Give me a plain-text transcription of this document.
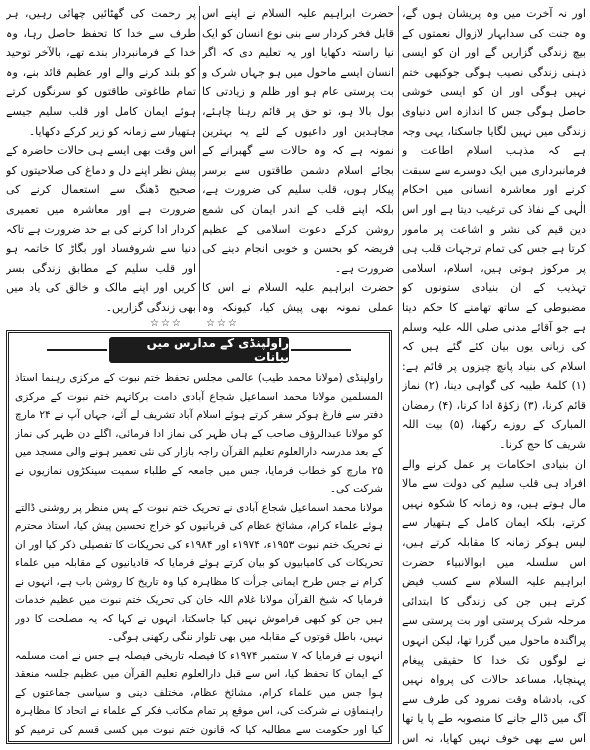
اور نہ آخرت میں وہ پریشان ہوں گے، وہ جنت کی سدابہار لازوال نعمتوں کے بیچ زندگی گزاریں گے اور ان کو ایسی ذہنی زندگی نصیب ہوگی جوکبھی ختم نہیں ہوگی اور ان کو ایسی خوشی حاصل ہوگی جس کا اندازہ اس دنیاوی زندگی میں نہیں لگایا جاسکتا، یہی وجہ ہے کہ مذہب اسلام اطاعت و فرمانبرداری میں ایک دوسرے سے سبقت کرنے اور معاشرہ انسانی میں احکام الٰہی کے نفاذ کی ترغیب دیتا ہے اور اس دین قیم کی نشر و اشاعت پر مامور کرتا ہے جس کی تمام ترجہات قلب ہی پر مرکوز ہوتی ہیں، اسلام، اسلامی تہذیب کے ان بنیادی ستونوں کو مضبوطی کے ساتھ تھامنے کا حکم دیتا ہے جو آقائے مدنی صلی اللہ علیہ وسلم کی زبانی یوں بیان کئے گئے ہیں کہ اسلام کی بنیاد پانچ چیزوں پر قائم ہے: (۱) کلمۂ طیبہ کی گواہی دینا، (۲) نماز قائم کرنا، (۳) زکوٰۃ ادا کرنا، (۴) رمضان المبارک کے روزے رکھنا، (۵) بیت اللہ شریف کا حج کرنا۔

ان بنیادی احکامات پر عمل کرنے والے افراد ہی قلب سلیم کی دولت سے مالا مال ہوتے ہیں، وہ زمانہ کا شکوہ نہیں کرتے، بلکہ ایمان کامل کے ہتھیار سے لیس ہوکر زمانہ کا مقابلہ کرتے ہیں، اس سلسلہ میں ابوالانبیاء حضرت ابراہیم علیہ السلام سے کسب فیض کرتے ہیں جن کی زندگی کا ابتدائی مرحلہ شرک پرستی اور بت پرستی سے پراگندہ ماحول میں گزرا تھا، لیکن انہوں نے لوگوں تک خدا کا حقیقی پیغام پہنچایا، مساعد حالات کی پرواہ نہیں کی، بادشاہ وقت نمرود کی طرف سے آگ میں ڈالے جانے کا منصوبہ طے پا یا تھا اس سے بھی خوف نہیں کھایا، نہ اس

حضرت ابراہیم علیہ السلام نے اپنے اس قابل فخر کردار سے بنی نوع انسان کو ایک نیا راستہ دکھایا اور یہ تعلیم دی کہ اگر انسان ایسے ماحول میں ہو جہاں شرک و بت پرستی عام ہو اور ظلم و زیادتی کا بول بالا ہو، تو حق پر قائم رہنا چاہئے، مجاہدین اور داعیوں کے لئے یہ بہترین نمونہ ہے کہ وہ حالات سے گھبرانے کے بجائے اسلام دشمن طاقتوں سے برسر پیکار ہوں، قلب سلیم کی ضرورت ہے، بلکہ اپنے قلب کے اندر ایمان کی شمع روشن کرکے دعوت اسلامی کے عظیم فریضہ کو بحسن و خوبی انجام دینے کی ضرورت ہے۔

حضرت ابراہیم علیہ السلام نے اس کا عملی نمونہ بھی پیش کیا، کیونکہ وہ

پر رحمت کی گھٹائیں چھائی رہیں، ہر طرف سے خدا کا تحفظ حاصل رہا، وہ خدا کے فرمانبردار بندے تھے، بالآخر توحید کو بلند کرنے والے اور عظیم قائد بنے، وہ تمام طاغوتی طاقتوں کو سرنگوں کرتے ہوئے ایمان کامل اور قلب سلیم جیسے ہتھیار سے زمانہ کو زیر کرکے دکھایا۔

اس وقت بھی ایسے ہی حالات حاضرہ کے پیش نظر اپنے دل و دماغ کی صلاحیتوں کو صحیح ڈھنگ سے استعمال کرنے کی ضرورت ہے اور معاشرہ میں تعمیری کردار ادا کرنے کی بے حد ضرورت ہے تاکہ دنیا سے شروفساد اور بگاڑ کا خاتمہ ہو اور قلب سلیم کے مطابق زندگی بسر کریں اور اپنے مالک و خالق کی یاد میں بھی زندگی گزاریں۔

☆☆☆
☆☆☆
راولپنڈی کے مدارس میں بیانات

راولپنڈی (مولانا محمد طیب) عالمی مجلس تحفظ ختم نبوت کے مرکزی رہنما استاذ المسلمین مولانا محمد اسماعیل شجاع آبادی دامت برکاتہم ختم نبوت کے مرکزی دفتر سے فارغ ہوکر سفر کرتے ہوئے اسلام آباد تشریف لے آئے، جہاں آپ نے ۲۴ مارچ کو مولانا عبدالرؤف صاحب کے ہاں ظہر کی نماز ادا فرمائی، اگلے دن ظہر کی نماز کے بعد مدرسہ دارالعلوم تعلیم القرآن راجہ بازار کی نئی تعمیر ہونے والی مسجد میں ۲۵ مارچ کو خطاب فرمایا، جس میں جامعہ کے طلباء سمیت سینکڑوں نمازیوں نے شرکت کی۔

مولانا محمد اسماعیل شجاع آبادی نے تحریک ختم نبوت کے پس منظر پر روشنی ڈالتے ہوئے علماء کرام، مشائخ عظام کی قربانیوں کو خراج تحسین پیش کیا، استاذ محترم نے تحریک ختم نبوت ۱۹۵۳ء، ۱۹۷۴ء اور ۱۹۸۴ء کی تحریکات کا تفصیلی ذکر کیا اور ان تحریکات کی کامیابیوں کو بیان کرتے ہوئے فرمایا کہ قادیانیوں کے مقابلہ میں علماء کرام نے جس طرح ایمانی جرأت کا مظاہرہ کیا وہ تاریخ کا روشن باب ہے، انہوں نے فرمایا کہ شیخ القرآن مولانا غلام اللہ خان کی تحریک ختم نبوت میں عظیم خدمات ہیں جن کو کبھی فراموش نہیں کیا جاسکتا، انہوں نے کہا کہ یہ مصلحت کا دور نہیں، باطل قوتوں کے مقابلہ میں بھی تلوار ننگی رکھنی ہوگی۔

انہوں نے فرمایا کہ ۷ ستمبر ۱۹۷۴ء کا فیصلہ تاریخی فیصلہ ہے جس نے امت مسلمہ کے ایمان کا تحفظ کیا، اس سے قبل دارالعلوم تعلیم القرآن میں عظیم جلسہ منعقد ہوا جس میں علماء کرام، مشائخ عظام، مختلف دینی و سیاسی جماعتوں کے راہنماؤں نے شرکت کی، اس موقع پر تمام مکاتب فکر کے علماء نے اتحاد کا مظاہرہ کیا اور حکومت سے مطالبہ کیا کہ قانون ختم نبوت میں کسی قسم کی ترمیم کو
